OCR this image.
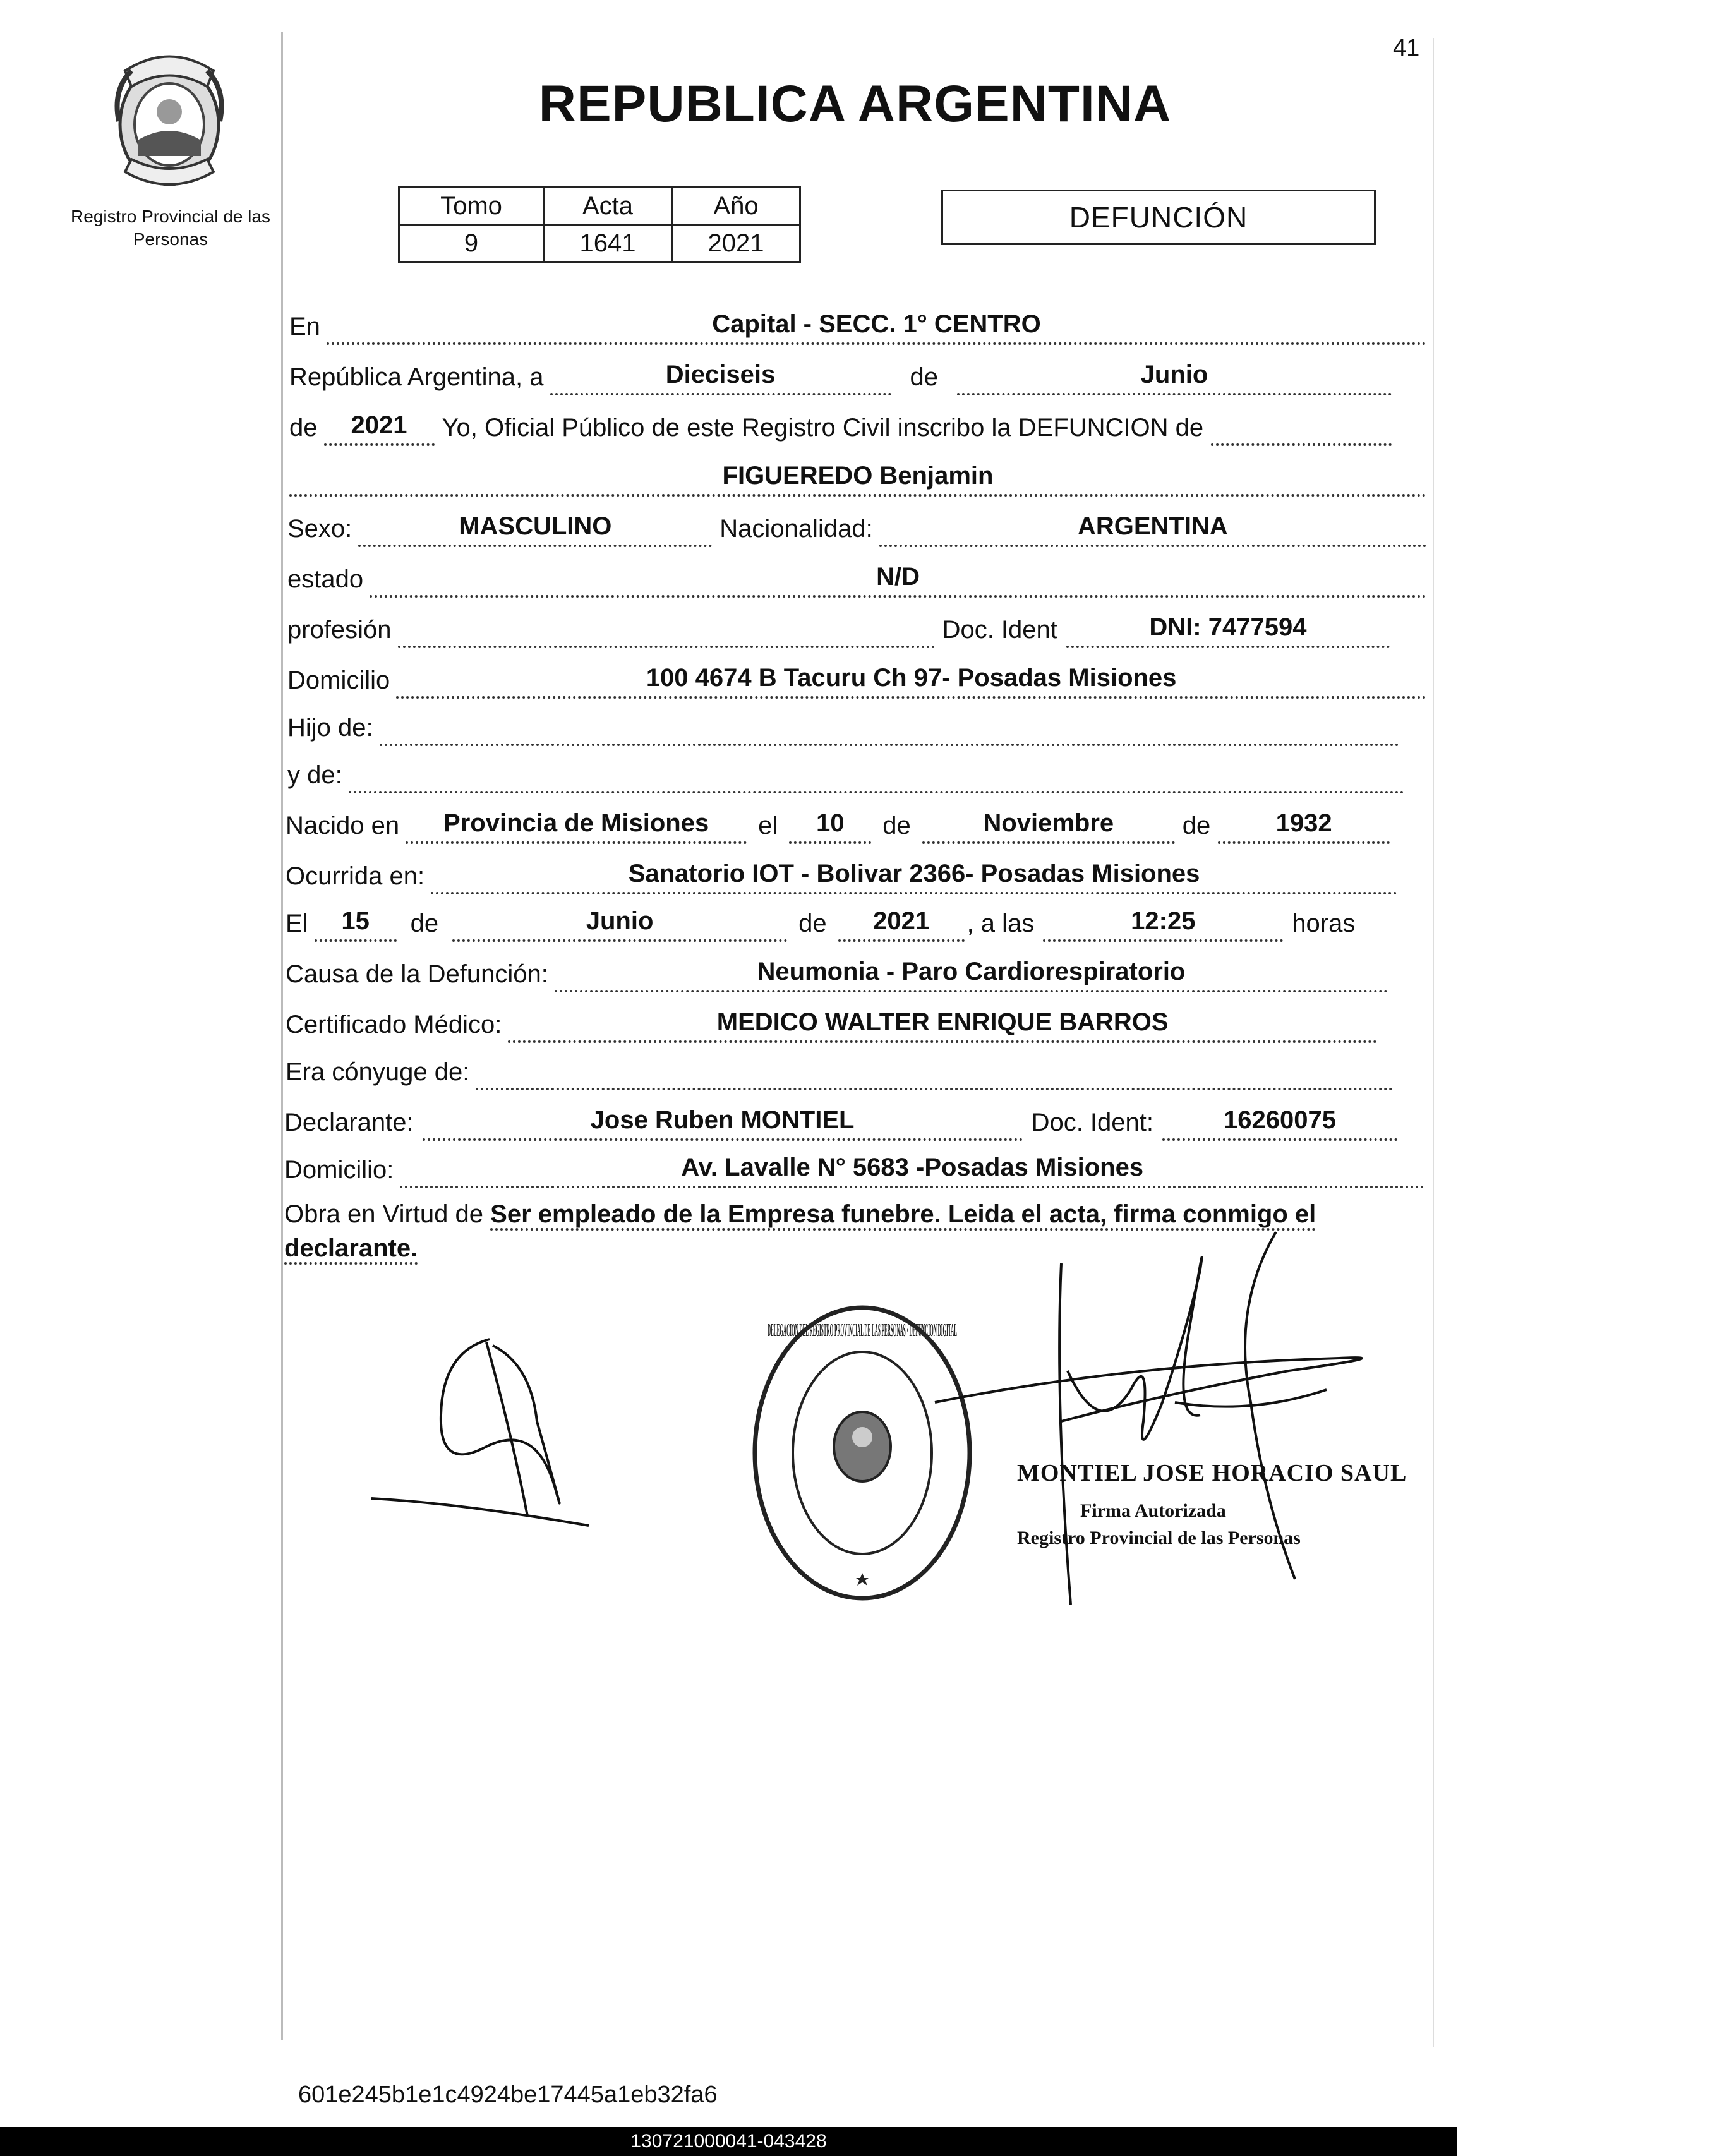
41
Registro Provincial de las Personas
REPUBLICA ARGENTINA
Tomo	Acta	Año
9	1641	2021
DEFUNCIÓN
En	Capital - SECC. 1° CENTRO
República Argentina, a	Dieciseis	de	Junio
de	2021	Yo, Oficial Público de este Registro Civil inscribo la DEFUNCION de
FIGUEREDO Benjamin
Sexo:	MASCULINO	Nacionalidad:	ARGENTINA
estado	N/D
profesión	Doc. Ident	DNI: 7477594
Domicilio	100 4674 B Tacuru Ch 97- Posadas Misiones
Hijo de:
y de:
Nacido en	Provincia de Misiones	el	10	de	Noviembre	de	1932
Ocurrida en:	Sanatorio IOT - Bolivar 2366- Posadas Misiones
El	15	de	Junio	de	2021	, a las	12:25	horas
Causa de la Defunción:	Neumonia - Paro Cardiorespiratorio
Certificado Médico:	MEDICO WALTER ENRIQUE BARROS
Era cónyuge de:
Declarante:	Jose Ruben MONTIEL	Doc. Ident:	16260075
Domicilio:	Av. Lavalle N° 5683 -Posadas Misiones
Obra en Virtud de Ser empleado de la Empresa funebre. Leida el acta, firma conmigo el declarante.
DELEGACION DEL REGISTRO PROVINCIAL DE LAS PERSONAS · DEFUNCION DIGITAL
MONTIEL JOSE HORACIO SAUL
Firma Autorizada
Registro Provincial de las Personas
601e245b1e1c4924be17445a1eb32fa6
130721000041-043428
